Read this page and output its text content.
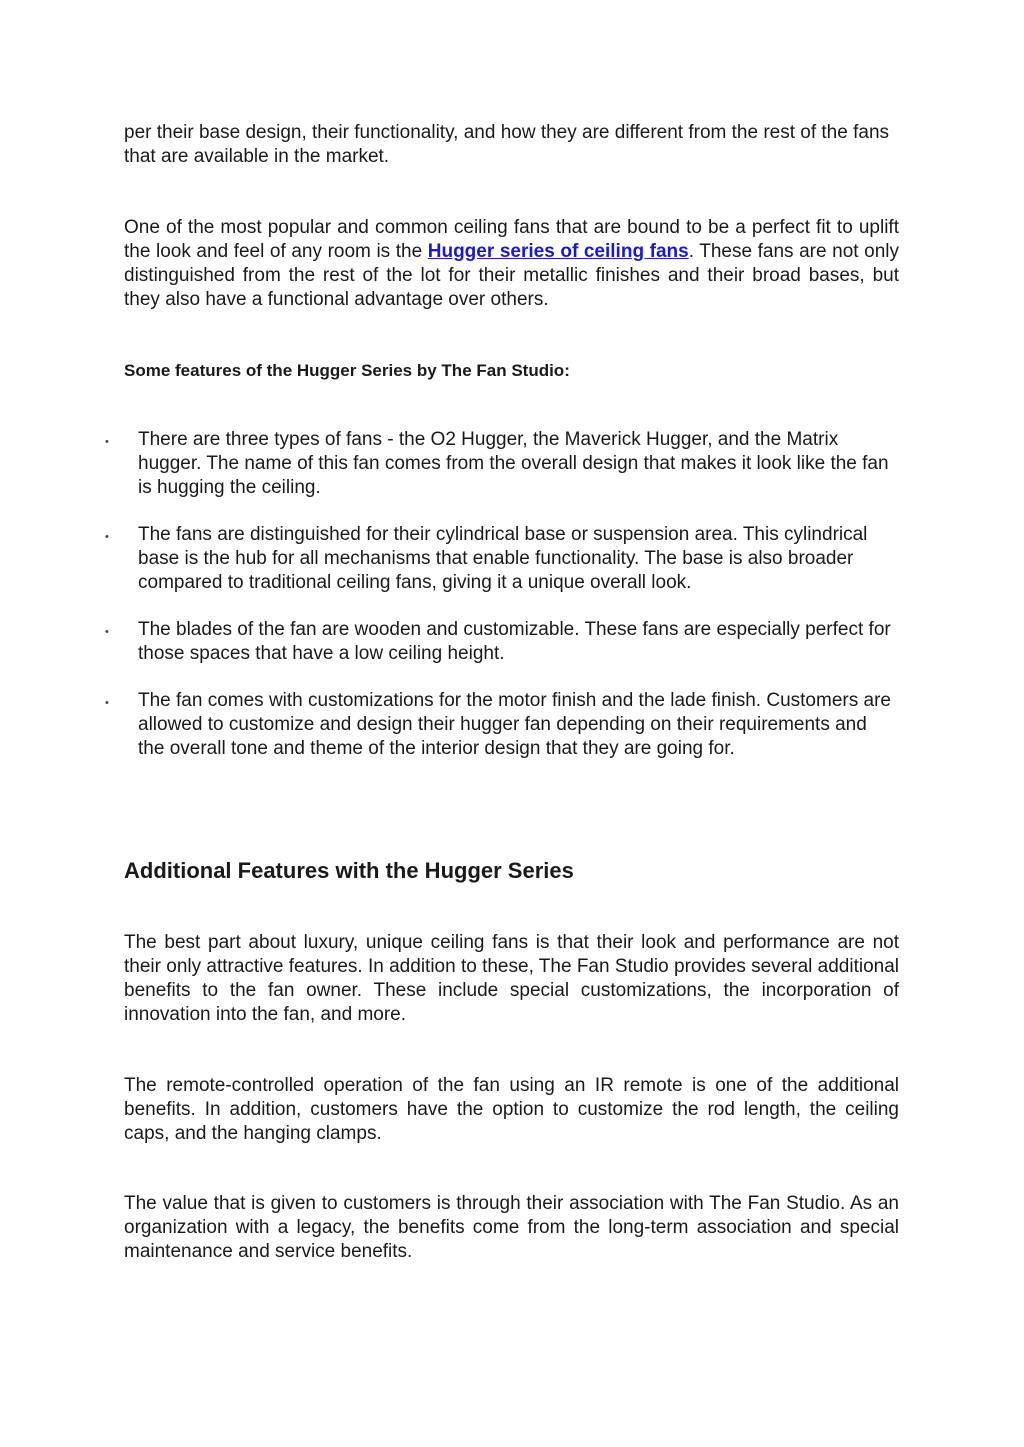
per their base design, their functionality, and how they are different from the rest of the fans that are available in the market.

One of the most popular and common ceiling fans that are bound to be a perfect fit to uplift the look and feel of any room is the Hugger series of ceiling fans. These fans are not only distinguished from the rest of the lot for their metallic finishes and their broad bases, but they also have a functional advantage over others.

Some features of the Hugger Series by The Fan Studio:

• There are three types of fans - the O2 Hugger, the Maverick Hugger, and the Matrix hugger. The name of this fan comes from the overall design that makes it look like the fan is hugging the ceiling.
• The fans are distinguished for their cylindrical base or suspension area. This cylindrical base is the hub for all mechanisms that enable functionality. The base is also broader compared to traditional ceiling fans, giving it a unique overall look.
• The blades of the fan are wooden and customizable. These fans are especially perfect for those spaces that have a low ceiling height.
• The fan comes with customizations for the motor finish and the lade finish. Customers are allowed to customize and design their hugger fan depending on their requirements and the overall tone and theme of the interior design that they are going for.
Additional Features with the Hugger Series

The best part about luxury, unique ceiling fans is that their look and performance are not their only attractive features. In addition to these, The Fan Studio provides several additional benefits to the fan owner. These include special customizations, the incorporation of innovation into the fan, and more.

The remote-controlled operation of the fan using an IR remote is one of the additional benefits. In addition, customers have the option to customize the rod length, the ceiling caps, and the hanging clamps.

The value that is given to customers is through their association with The Fan Studio. As an organization with a legacy, the benefits come from the long-term association and special maintenance and service benefits.
